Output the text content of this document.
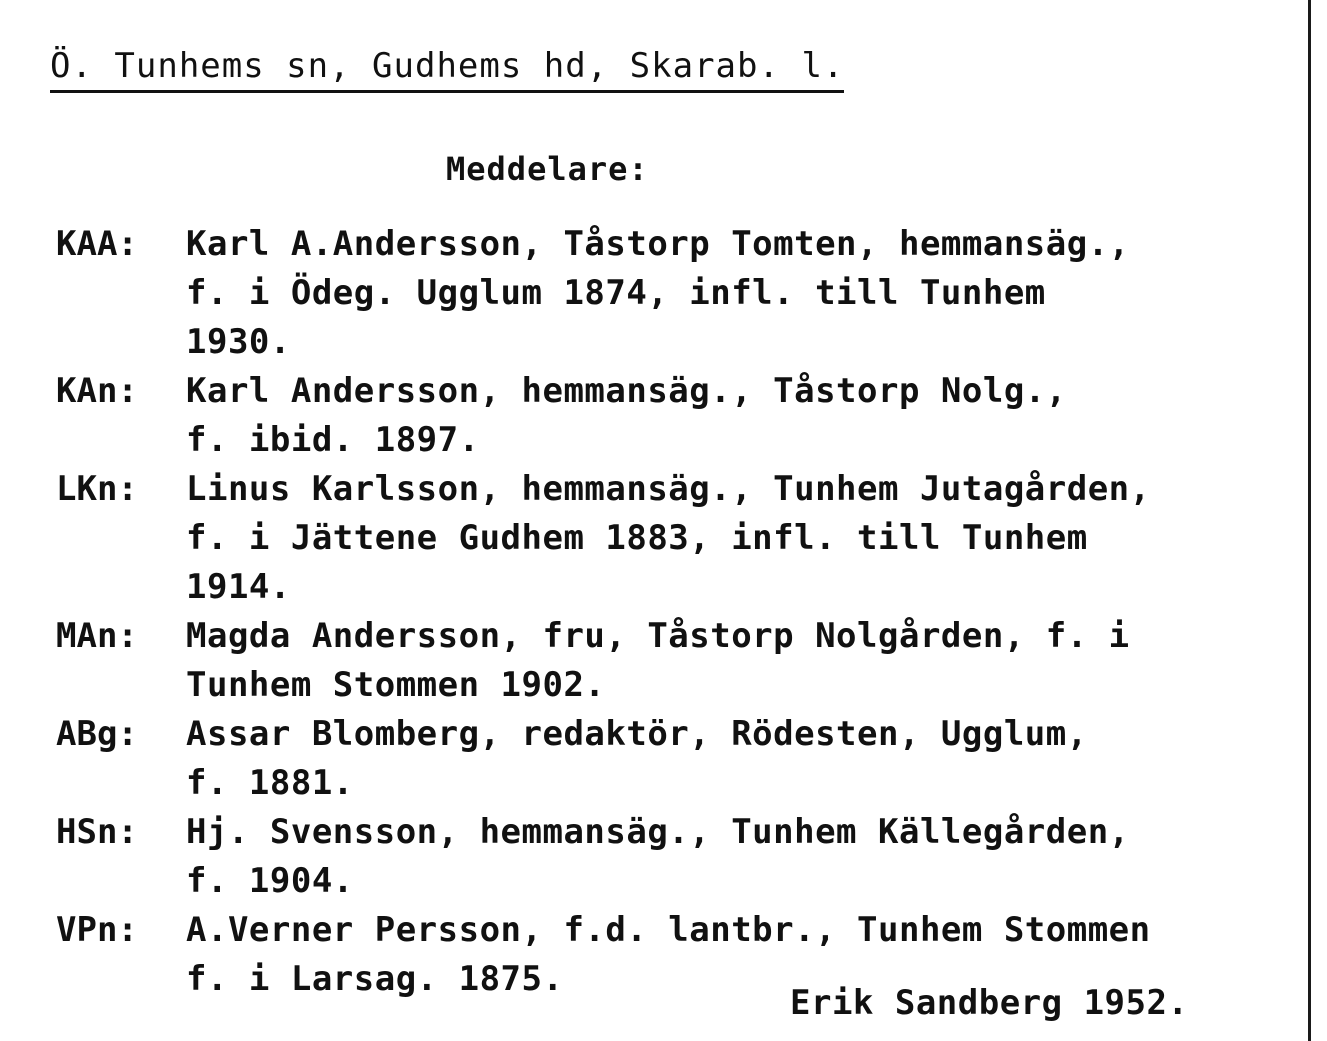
Ö. Tunhems sn, Gudhems hd, Skarab. l.
Meddelare:
KAA:	Karl A.Andersson, Tåstorp Tomten, hemmansäg.,
f. i Ödeg. Ugglum 1874, infl. till Tunhem
1930.
KAn:	Karl Andersson, hemmansäg., Tåstorp Nolg.,
f. ibid. 1897.
LKn:	Linus Karlsson, hemmansäg., Tunhem Jutagården,
f. i Jättene Gudhem 1883, infl. till Tunhem
1914.
MAn:	Magda Andersson, fru, Tåstorp Nolgården, f. i
Tunhem Stommen 1902.
ABg:	Assar Blomberg, redaktör, Rödesten, Ugglum,
f. 1881.
HSn:	Hj. Svensson, hemmansäg., Tunhem Källegården,
f. 1904.
VPn:	A.Verner Persson, f.d. lantbr., Tunhem Stommen
f. i Larsag. 1875.
Erik Sandberg 1952.
